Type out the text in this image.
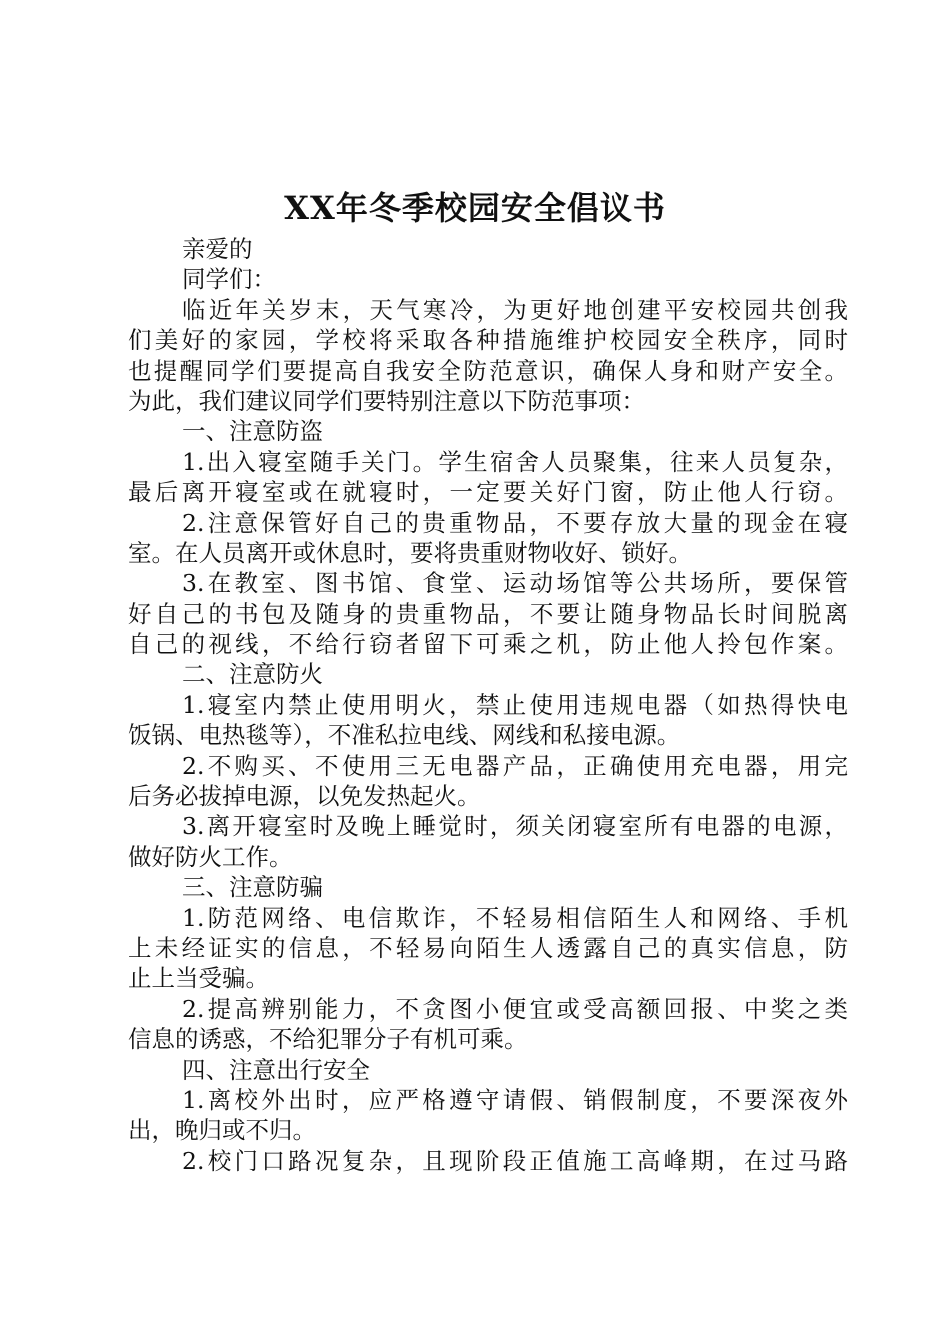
XX年冬季校园安全倡议书
亲爱的
同学们：
临近年关岁末，天气寒冷，为更好地创建平安校园共创我
们美好的家园，学校将采取各种措施维护校园安全秩序，同时
也提醒同学们要提高自我安全防范意识，确保人身和财产安全。
为此，我们建议同学们要特别注意以下防范事项：
一、注意防盗
1.出入寝室随手关门。学生宿舍人员聚集，往来人员复杂，
最后离开寝室或在就寝时，一定要关好门窗，防止他人行窃。
2.注意保管好自己的贵重物品，不要存放大量的现金在寝
室。在人员离开或休息时，要将贵重财物收好、锁好。
3.在教室、图书馆、食堂、运动场馆等公共场所，要保管
好自己的书包及随身的贵重物品，不要让随身物品长时间脱离
自己的视线，不给行窃者留下可乘之机，防止他人拎包作案。
二、注意防火
1.寝室内禁止使用明火，禁止使用违规电器（如热得快电
饭锅、电热毯等），不准私拉电线、网线和私接电源。
2.不购买、不使用三无电器产品，正确使用充电器，用完
后务必拔掉电源，以免发热起火。
3.离开寝室时及晚上睡觉时，须关闭寝室所有电器的电源，
做好防火工作。
三、注意防骗
1.防范网络、电信欺诈，不轻易相信陌生人和网络、手机
上未经证实的信息，不轻易向陌生人透露自己的真实信息，防
止上当受骗。
2.提高辨别能力，不贪图小便宜或受高额回报、中奖之类
信息的诱惑，不给犯罪分子有机可乘。
四、注意出行安全
1.离校外出时，应严格遵守请假、销假制度，不要深夜外
出，晚归或不归。
2.校门口路况复杂，且现阶段正值施工高峰期，在过马路
